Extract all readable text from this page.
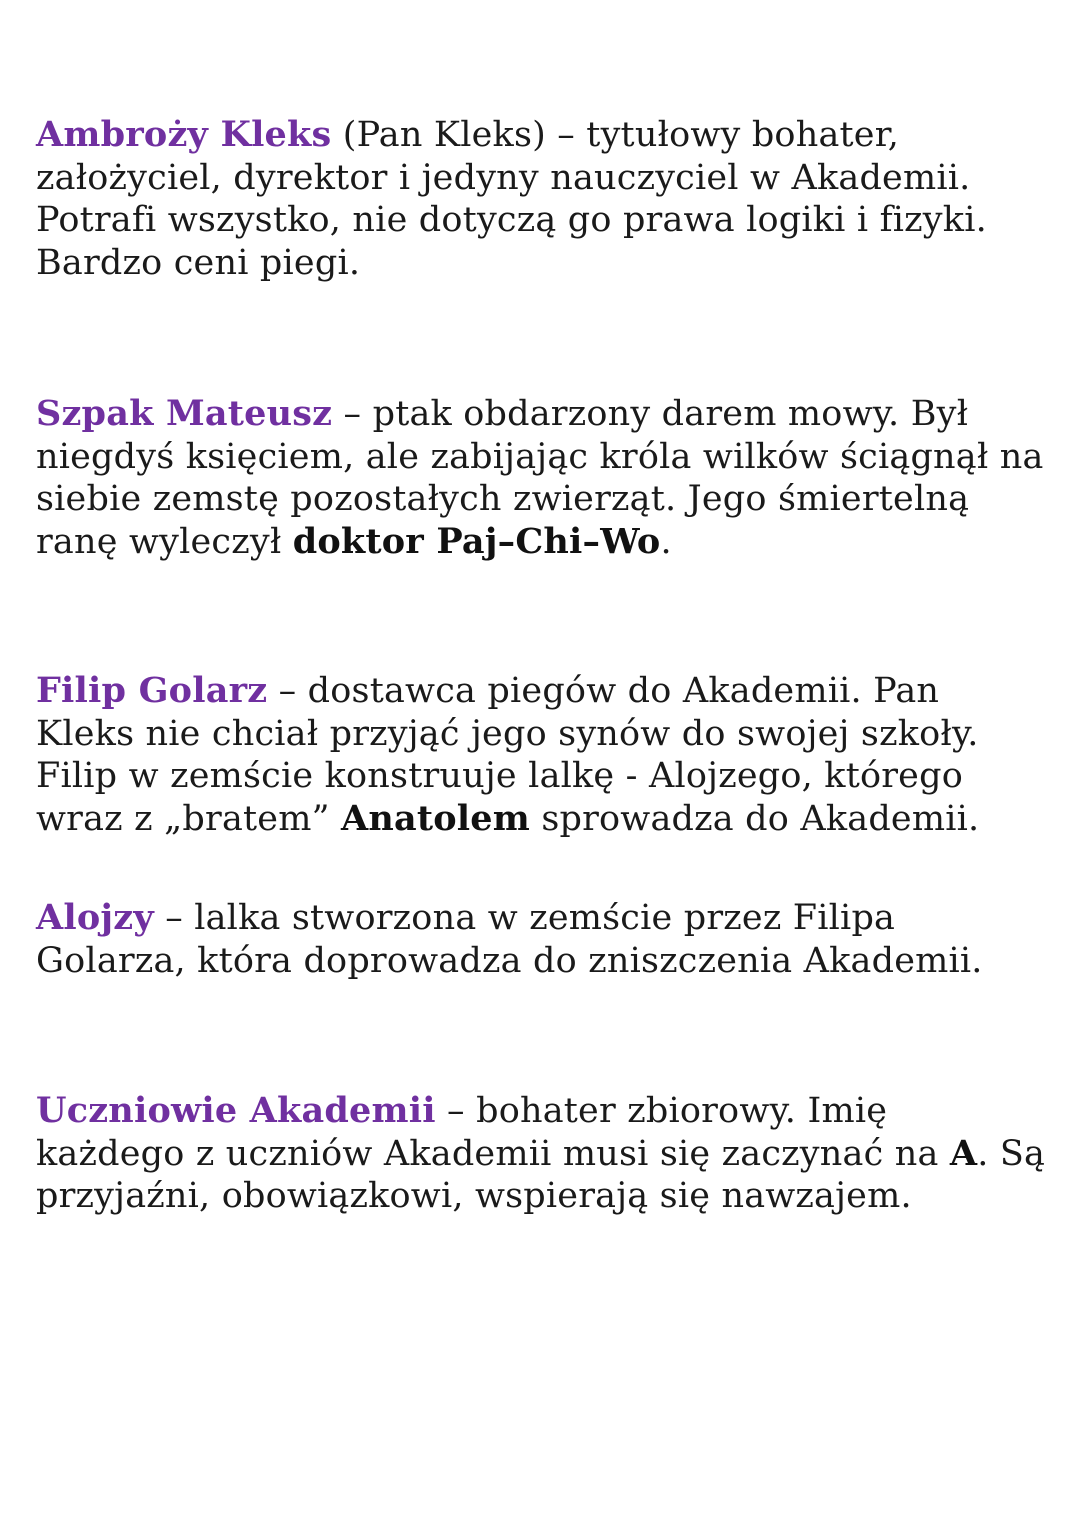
Ambroży Kleks (Pan Kleks) – tytułowy bohater, założyciel, dyrektor i jedyny nauczyciel w Akademii. Potrafi wszystko, nie dotyczą go prawa logiki i fizyki. Bardzo ceni piegi.

Szpak Mateusz – ptak obdarzony darem mowy. Był niegdyś księciem, ale zabijając króla wilków ściągnął na siebie zemstę pozostałych zwierząt. Jego śmiertelną ranę wyleczył doktor Paj–Chi–Wo.

Filip Golarz – dostawca piegów do Akademii. Pan Kleks nie chciał przyjąć jego synów do swojej szkoły. Filip w zemście konstruuje lalkę - Alojzego, którego wraz z „bratem” Anatolem sprowadza do Akademii.

Alojzy – lalka stworzona w zemście przez Filipa Golarza, która doprowadza do zniszczenia Akademii.

Uczniowie Akademii – bohater zbiorowy. Imię każdego z uczniów Akademii musi się zaczynać na A. Są przyjaźni, obowiązkowi, wspierają się nawzajem.
